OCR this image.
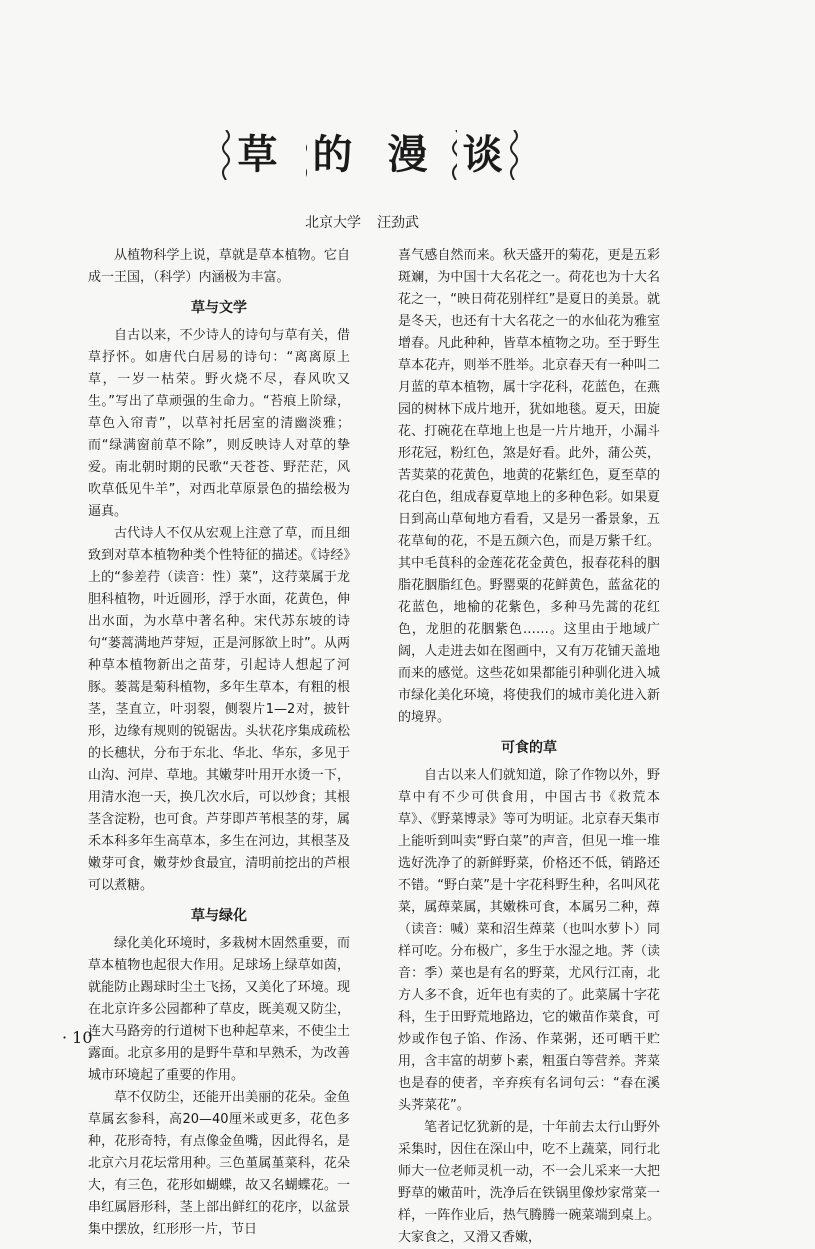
草 的 漫 谈
北京大学 汪劲武

从植物科学上说，草就是草本植物。它自成一王国，（科学）内涵极为丰富。

草与文学

自古以来，不少诗人的诗句与草有关，借草抒怀。如唐代白居易的诗句：“离离原上草，一岁一枯荣。野火烧不尽，春风吹又生。”写出了草顽强的生命力。“苔痕上阶绿，草色入帘青”，以草衬托居室的清幽淡雅；而“绿满窗前草不除”，则反映诗人对草的挚爱。南北朝时期的民歌“天苍苍、野茫茫，风吹草低见牛羊”，对西北草原景色的描绘极为逼真。

古代诗人不仅从宏观上注意了草，而且细致到对草本植物种类个性特征的描述。《诗经》上的“参差荇（读音：性）菜”，这荇菜属于龙胆科植物，叶近圆形，浮于水面，花黄色，伸出水面，为水草中著名种。宋代苏东坡的诗句“蒌蒿满地芦芽短，正是河豚欲上时”。从两种草本植物新出之苗芽，引起诗人想起了河豚。蒌蒿是菊科植物，多年生草本，有粗的根茎，茎直立，叶羽裂，侧裂片1—2对，披针形，边缘有规则的锐锯齿。头状花序集成疏松的长穗状，分布于东北、华北、华东，多见于山沟、河岸、草地。其嫩芽叶用开水烫一下，用清水泡一天，换几次水后，可以炒食；其根茎含淀粉，也可食。芦芽即芦苇根茎的芽，属禾本科多年生高草本，多生在河边，其根茎及嫩芽可食，嫩芽炒食最宜，清明前挖出的芦根可以煮糖。

草与绿化

绿化美化环境时，多栽树木固然重要，而草本植物也起很大作用。足球场上绿草如茵，就能防止踢球时尘土飞扬，又美化了环境。现在北京许多公园都种了草皮，既美观又防尘，连大马路旁的行道树下也种起草来，不使尘土露面。北京多用的是野牛草和早熟禾，为改善城市环境起了重要的作用。

草不仅防尘，还能开出美丽的花朵。金鱼草属玄参科，高20—40厘米或更多，花色多种，花形奇特，有点像金鱼嘴，因此得名，是北京六月花坛常用种。三色堇属堇菜科，花朵大，有三色，花形如蝴蝶，故又名蝴蝶花。一串红属唇形科，茎上部出鲜红的花序，以盆景集中摆放，红形形一片，节日

喜气感自然而来。秋天盛开的菊花，更是五彩斑斓，为中国十大名花之一。荷花也为十大名花之一，“映日荷花别样红”是夏日的美景。就是冬天，也还有十大名花之一的水仙花为雅室增春。凡此种种，皆草本植物之功。至于野生草本花卉，则举不胜举。北京春天有一种叫二月蓝的草本植物，属十字花科，花蓝色，在燕园的树林下成片地开，犹如地毯。夏天，田旋花、打碗花在草地上也是一片片地开，小漏斗形花冠，粉红色，煞是好看。此外，蒲公英，苦荬菜的花黄色，地黄的花紫红色，夏至草的花白色，组成春夏草地上的多种色彩。如果夏日到高山草甸地方看看，又是另一番景象，五花草甸的花，不是五颜六色，而是万紫千红。其中毛茛科的金莲花花金黄色，报春花科的胭脂花胭脂红色。野罂粟的花鲜黄色，蓝盆花的花蓝色，地榆的花紫色，多种马先蒿的花红色，龙胆的花胭紫色……。这里由于地域广阔，人走进去如在图画中，又有万花铺天盖地而来的感觉。这些花如果都能引种驯化进入城市绿化美化环境，将使我们的城市美化进入新的境界。

可食的草

自古以来人们就知道，除了作物以外，野草中有不少可供食用，中国古书《救荒本草》、《野菜博录》等可为明证。北京春天集市上能听到叫卖“野白菜”的声音，但见一堆一堆选好洗净了的新鲜野菜，价格还不低，销路还不错。“野白菜”是十字花科野生种，名叫风花菜，属蔊菜属，其嫩株可食，本属另二种，蔊（读音：喊）菜和沼生蔊菜（也叫水萝卜）同样可吃。分布极广，多生于水湿之地。荠（读音：季）菜也是有名的野菜，尤风行江南，北方人多不食，近年也有卖的了。此菜属十字花科，生于田野荒地路边，它的嫩苗作菜食，可炒或作包子馅、作汤、作菜粥，还可晒干贮用，含丰富的胡萝卜素，粗蛋白等营养。荠菜也是春的使者，辛弃疾有名词句云：“春在溪头荠菜花”。

笔者记忆犹新的是，十年前去太行山野外采集时，因住在深山中，吃不上蔬菜，同行北师大一位老师灵机一动，不一会儿采来一大把野草的嫩苗叶，洗净后在铁锅里像炒家常菜一样，一阵作业后，热气腾腾一碗菜端到桌上。大家食之，又滑又香嫩，

· 10
